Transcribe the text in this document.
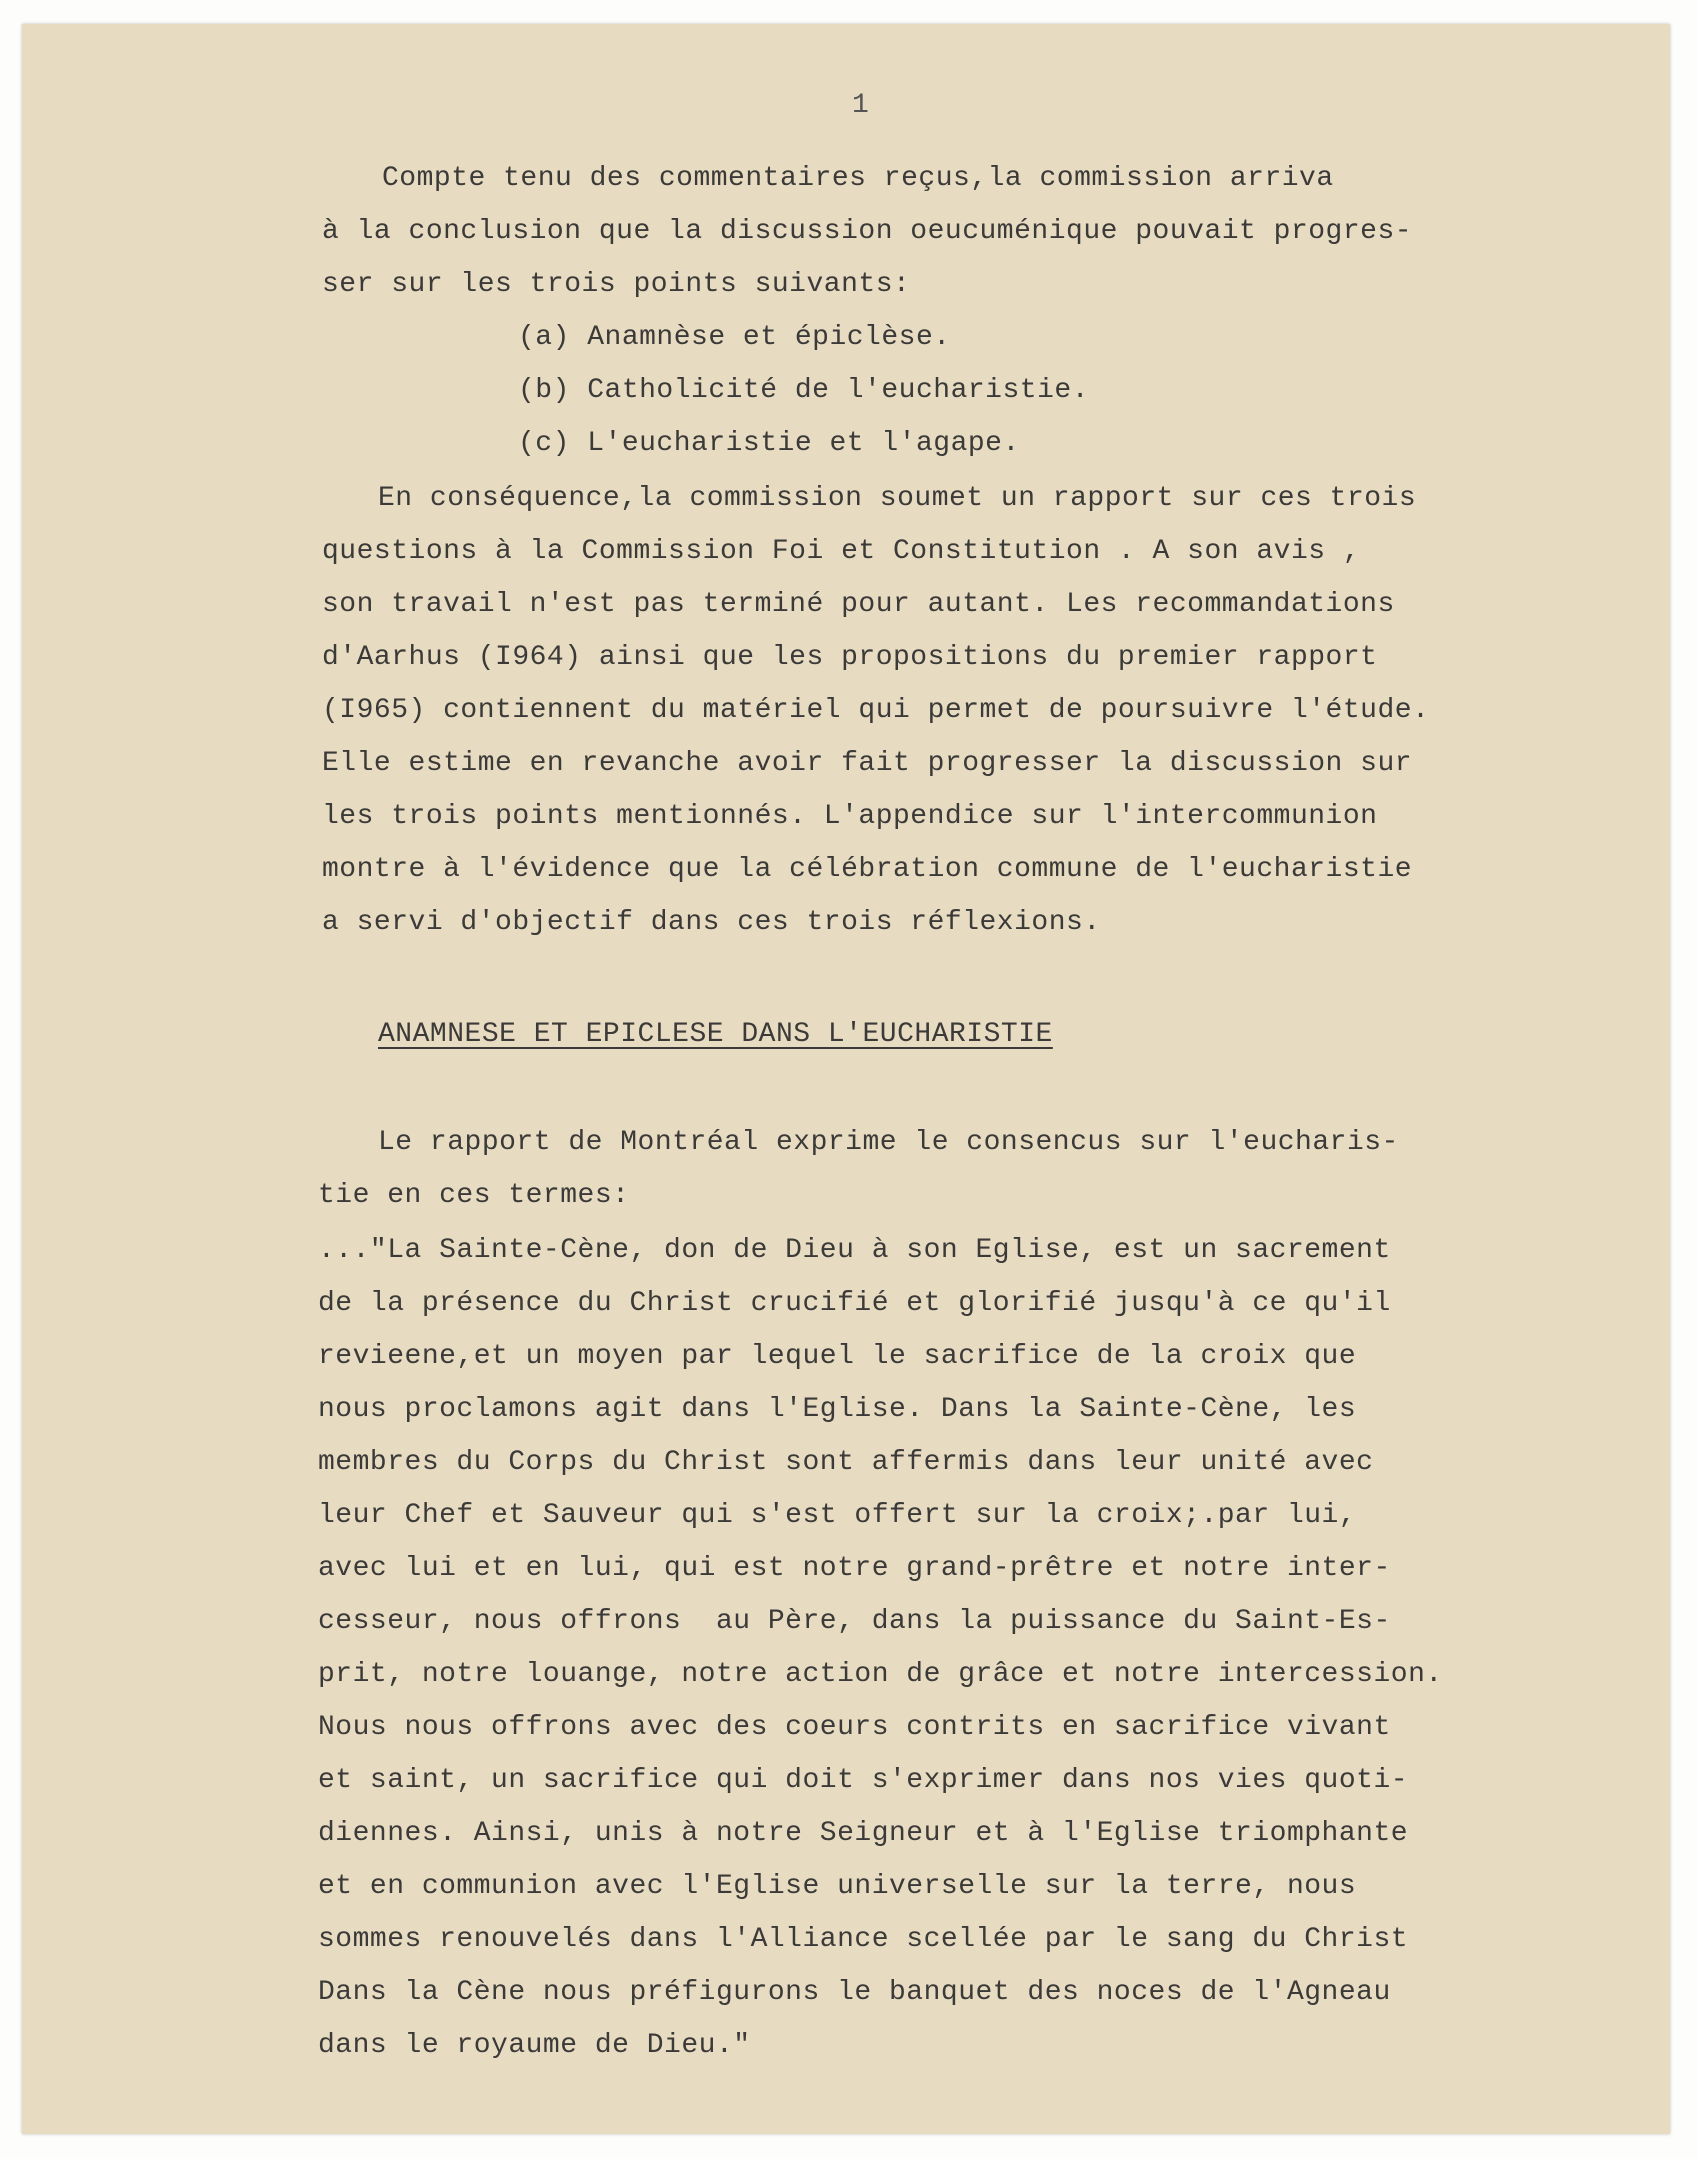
1
Compte tenu des commentaires reçus,la commission arriva
à la conclusion que la discussion oeucuménique pouvait progres-
ser sur les trois points suivants:
(a) Anamnèse et épiclèse.
(b) Catholicité de l'eucharistie.
(c) L'eucharistie et l'agape.
En conséquence,la commission soumet un rapport sur ces trois
questions à la Commission Foi et Constitution . A son avis ,
son travail n'est pas terminé pour autant. Les recommandations
d'Aarhus (I964) ainsi que les propositions du premier rapport
(I965) contiennent du matériel qui permet de poursuivre l'étude.
Elle estime en revanche avoir fait progresser la discussion sur
les trois points mentionnés. L'appendice sur l'intercommunion
montre à l'évidence que la célébration commune de l'eucharistie
a servi d'objectif dans ces trois réflexions.
ANAMNESE ET EPICLESE DANS L'EUCHARISTIE
Le rapport de Montréal exprime le consencus sur l'eucharis-
tie en ces termes:
..."La Sainte-Cène, don de Dieu à son Eglise, est un sacrement
de la présence du Christ crucifié et glorifié jusqu'à ce qu'il
revieene,et un moyen par lequel le sacrifice de la croix que
nous proclamons agit dans l'Eglise. Dans la Sainte-Cène, les
membres du Corps du Christ sont affermis dans leur unité avec
leur Chef et Sauveur qui s'est offert sur la croix;.par lui,
avec lui et en lui, qui est notre grand-prêtre et notre inter-
cesseur, nous offrons  au Père, dans la puissance du Saint-Es-
prit, notre louange, notre action de grâce et notre intercession.
Nous nous offrons avec des coeurs contrits en sacrifice vivant
et saint, un sacrifice qui doit s'exprimer dans nos vies quoti-
diennes. Ainsi, unis à notre Seigneur et à l'Eglise triomphante
et en communion avec l'Eglise universelle sur la terre, nous
sommes renouvelés dans l'Alliance scellée par le sang du Christ
Dans la Cène nous préfigurons le banquet des noces de l'Agneau
dans le royaume de Dieu."
